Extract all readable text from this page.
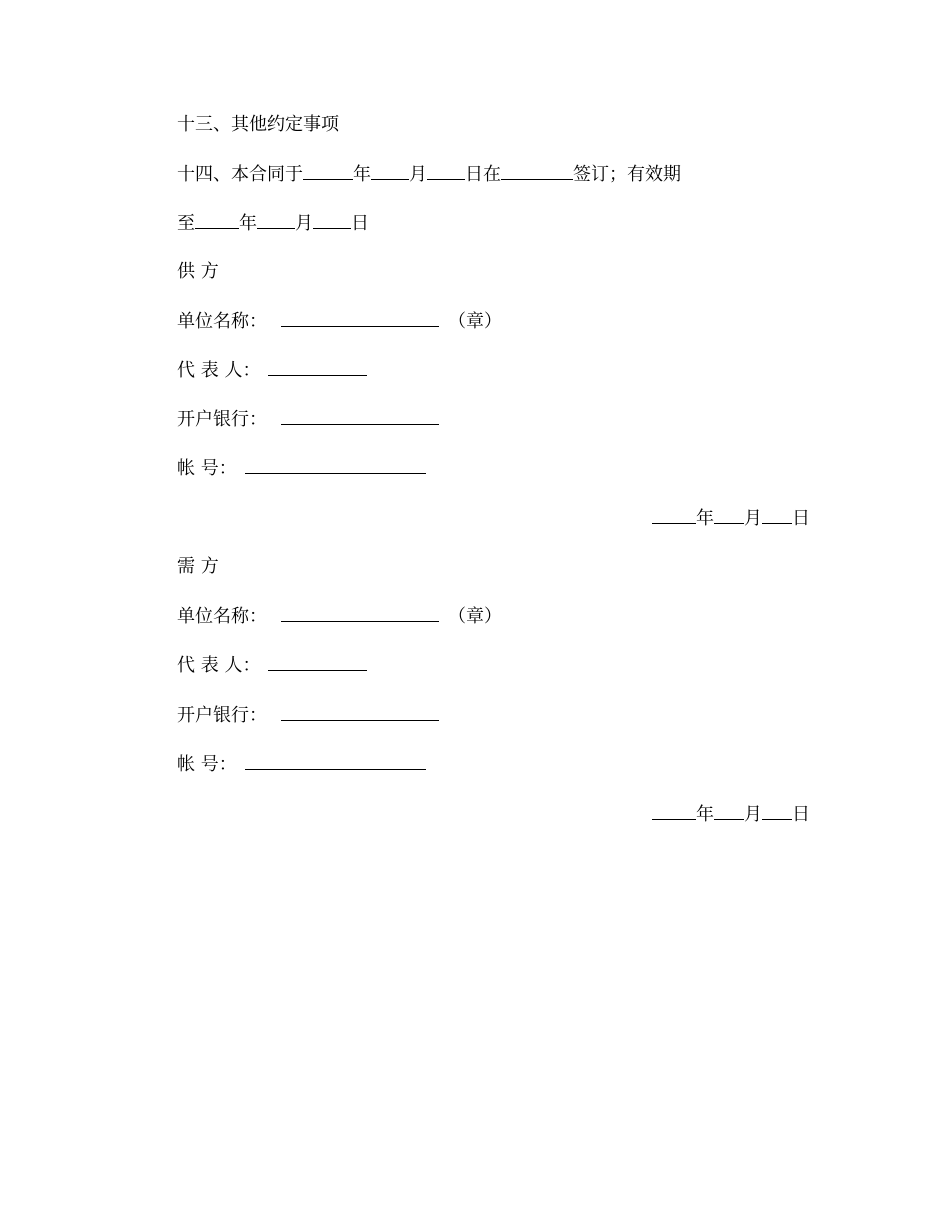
十三、其他约定事项
十四、本合同于	年 月 日在	签订；有效期
至 年 月 日
供 方
单位名称：	（章）
代 表 人：
开户银行：
帐 号：
年 月 日
需 方
单位名称：	（章）
代 表 人：
开户银行：
帐 号：
年 月 日
